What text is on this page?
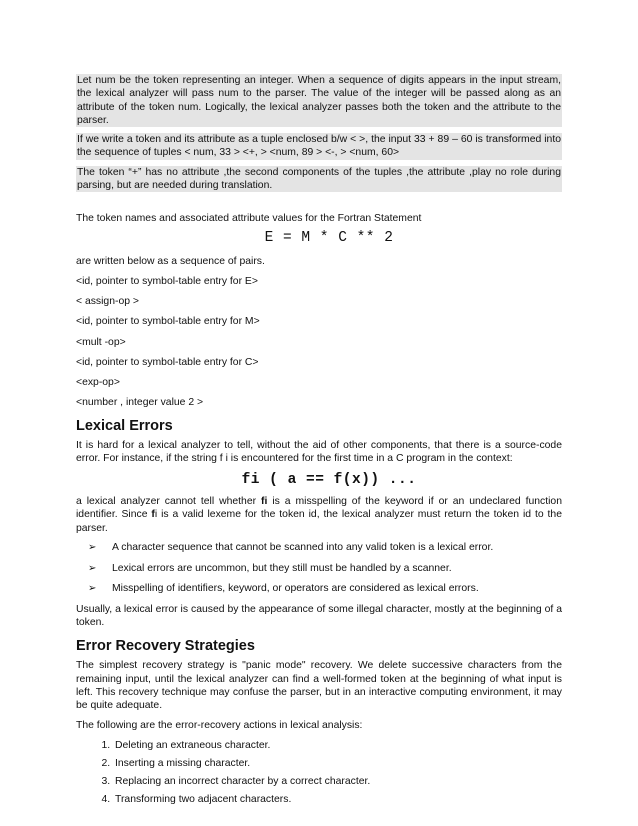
Let num be the token representing an integer. When a sequence of digits appears in the input stream, the lexical analyzer will pass num to the parser. The value of the integer will be passed along as an attribute of the token num. Logically, the lexical analyzer passes both the token and the attribute to the parser.

If we write a token and its attribute as a tuple enclosed b/w < >, the input 33 + 89 – 60 is transformed into the sequence of tuples < num, 33 > <+, > <num, 89 > <-, > <num, 60>

The token “+” has no attribute ,the second components of the tuples ,the attribute ,play no role during parsing, but are needed during translation.

The token names and associated attribute values for the Fortran Statement

E = M * C ** 2

are written below as a sequence of pairs.

<id, pointer to symbol-table entry for E>
< assign-op >
<id, pointer to symbol-table entry for M>
<mult -op>
<id, pointer to symbol-table entry for C>
<exp-op>
<number , integer value 2 >
Lexical Errors

It is hard for a lexical analyzer to tell, without the aid of other components, that there is a source-code error. For instance, if the string f i is encountered for the first time in a C program in the context:

fi ( a == f(x)) ...

a lexical analyzer cannot tell whether fi is a misspelling of the keyword if or an undeclared function identifier. Since fi is a valid lexeme for the token id, the lexical analyzer must return the token id to the parser.

➢ A character sequence that cannot be scanned into any valid token is a lexical error.
➢ Lexical errors are uncommon, but they still must be handled by a scanner.
➢ Misspelling of identifiers, keyword, or operators are considered as lexical errors.

Usually, a lexical error is caused by the appearance of some illegal character, mostly at the beginning of a token.

Error Recovery Strategies

The simplest recovery strategy is "panic mode" recovery. We delete successive characters from the remaining input, until the lexical analyzer can find a well-formed token at the beginning of what input is left. This recovery technique may confuse the parser, but in an interactive computing environment, it may be quite adequate.

The following are the error-recovery actions in lexical analysis:

1. Deleting an extraneous character.
2. Inserting a missing character.
3. Replacing an incorrect character by a correct character.
4. Transforming two adjacent characters.
